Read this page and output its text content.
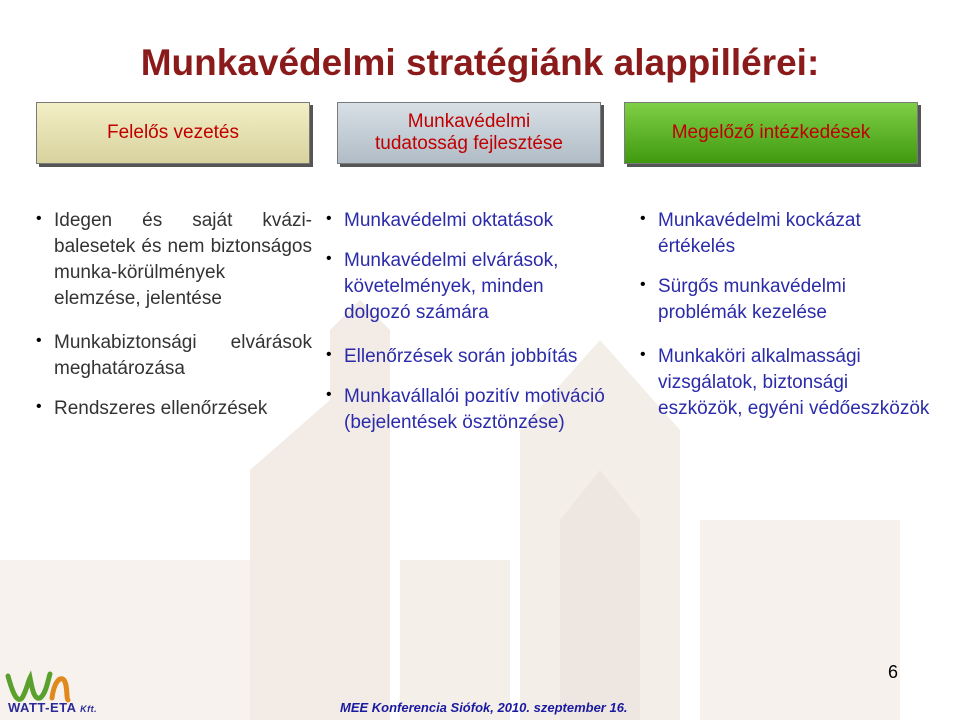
Munkavédelmi stratégiánk alappillérei:
Felelős vezetés
Munkavédelmi tudatosság fejlesztése
Megelőző intézkedések
• Idegen és saját kvázi-balesetek és nem biztonságos munka-körülmények elemzése, jelentése
• Munkabiztonsági elvárások meghatározása
• Rendszeres ellenőrzések
• Munkavédelmi oktatások
• Munkavédelmi elvárások, követelmények, minden dolgozó számára
• Ellenőrzések során jobbítás
• Munkavállalói pozitív motiváció (bejelentések ösztönzése)
• Munkavédelmi kockázat értékelés
• Sürgős munkavédelmi problémák kezelése
• Munkaköri alkalmassági vizsgálatok, biztonsági eszközök, egyéni védőeszközök
WATT-ETA Kft.
6
MEE Konferencia Siófok, 2010. szeptember 16.
